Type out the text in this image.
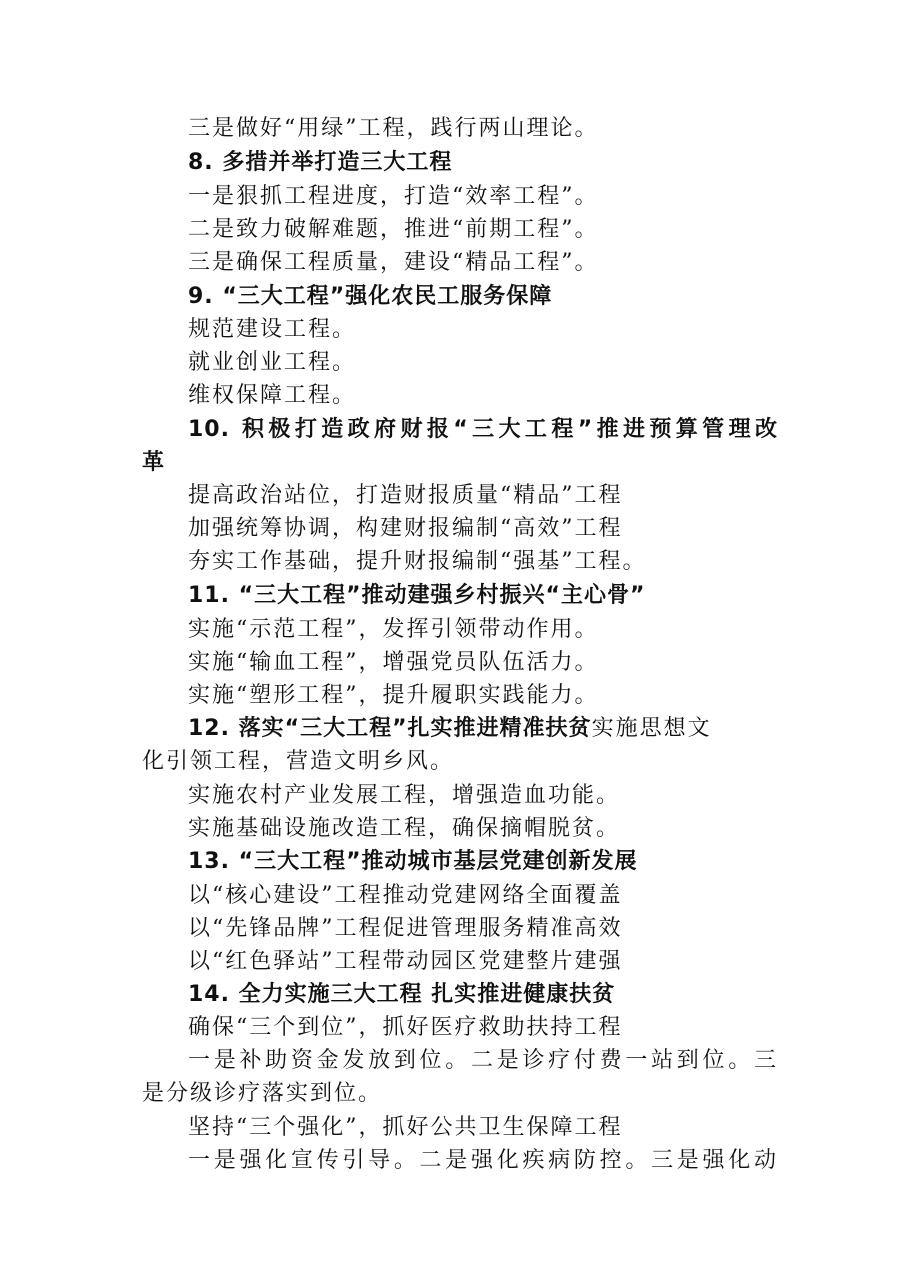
三是做好“用绿”工程，践行两山理论。
8. 多措并举打造三大工程
一是狠抓工程进度，打造“效率工程”。
二是致力破解难题，推进“前期工程”。
三是确保工程质量，建设“精品工程”。
9. “三大工程”强化农民工服务保障
规范建设工程。
就业创业工程。
维权保障工程。
10. 积极打造政府财报“三大工程”推进预算管理改
革
提高政治站位，打造财报质量“精品”工程
加强统筹协调，构建财报编制“高效”工程
夯实工作基础，提升财报编制“强基”工程。
11. “三大工程”推动建强乡村振兴“主心骨”
实施“示范工程”，发挥引领带动作用。
实施“输血工程”，增强党员队伍活力。
实施“塑形工程”，提升履职实践能力。
12. 落实“三大工程”扎实推进精准扶贫实施思想文
化引领工程，营造文明乡风。
实施农村产业发展工程，增强造血功能。
实施基础设施改造工程，确保摘帽脱贫。
13. “三大工程”推动城市基层党建创新发展
以“核心建设”工程推动党建网络全面覆盖
以“先锋品牌”工程促进管理服务精准高效
以“红色驿站”工程带动园区党建整片建强
14. 全力实施三大工程 扎实推进健康扶贫
确保“三个到位”，抓好医疗救助扶持工程
一是补助资金发放到位。二是诊疗付费一站到位。三
是分级诊疗落实到位。
坚持“三个强化”，抓好公共卫生保障工程
一是强化宣传引导。二是强化疾病防控。三是强化动
